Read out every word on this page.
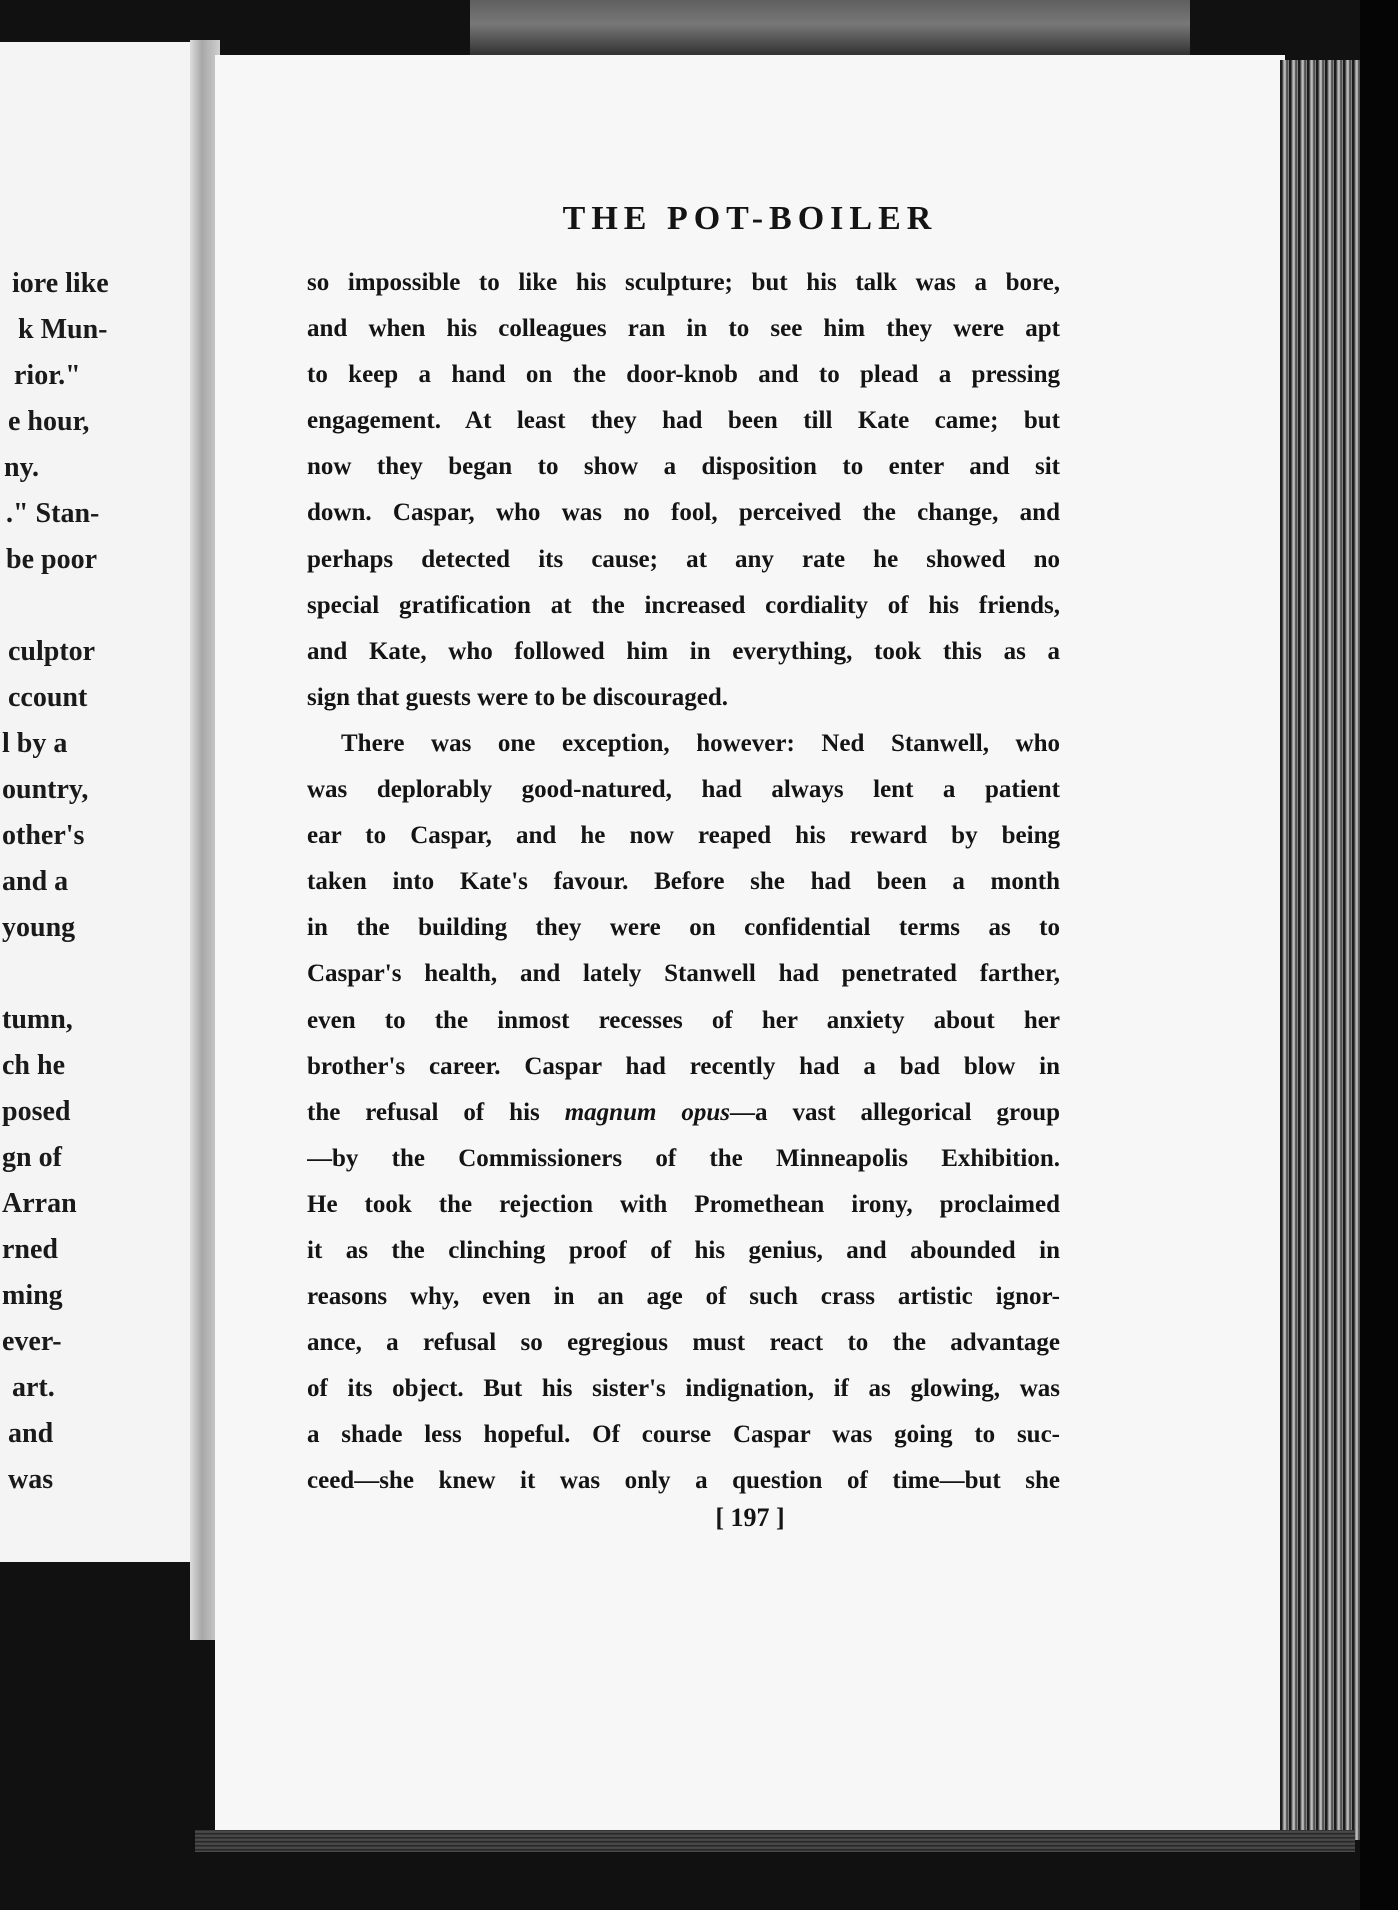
iore like
k Mun-
rior."
e hour,
ny.
." Stan-
be poor
culptor
ccount
l by a
ountry,
other's
and a
young
tumn,
ch he
posed
gn of
Arran
rned
ming
ever-
art.
and
was
THE POT-BOILER
so impossible to like his sculpture; but his talk was a bore,
and when his colleagues ran in to see him they were apt
to keep a hand on the door-knob and to plead a pressing
engagement. At least they had been till Kate came; but
now they began to show a disposition to enter and sit
down. Caspar, who was no fool, perceived the change, and
perhaps detected its cause; at any rate he showed no
special gratification at the increased cordiality of his friends,
and Kate, who followed him in everything, took this as a
sign that guests were to be discouraged.
There was one exception, however: Ned Stanwell, who
was deplorably good-natured, had always lent a patient
ear to Caspar, and he now reaped his reward by being
taken into Kate's favour. Before she had been a month
in the building they were on confidential terms as to
Caspar's health, and lately Stanwell had penetrated farther,
even to the inmost recesses of her anxiety about her
brother's career. Caspar had recently had a bad blow in
the refusal of his magnum opus—a vast allegorical group
—by the Commissioners of the Minneapolis Exhibition.
He took the rejection with Promethean irony, proclaimed
it as the clinching proof of his genius, and abounded in
reasons why, even in an age of such crass artistic ignor-
ance, a refusal so egregious must react to the advantage
of its object. But his sister's indignation, if as glowing, was
a shade less hopeful. Of course Caspar was going to suc-
ceed—she knew it was only a question of time—but she
[ 197 ]
